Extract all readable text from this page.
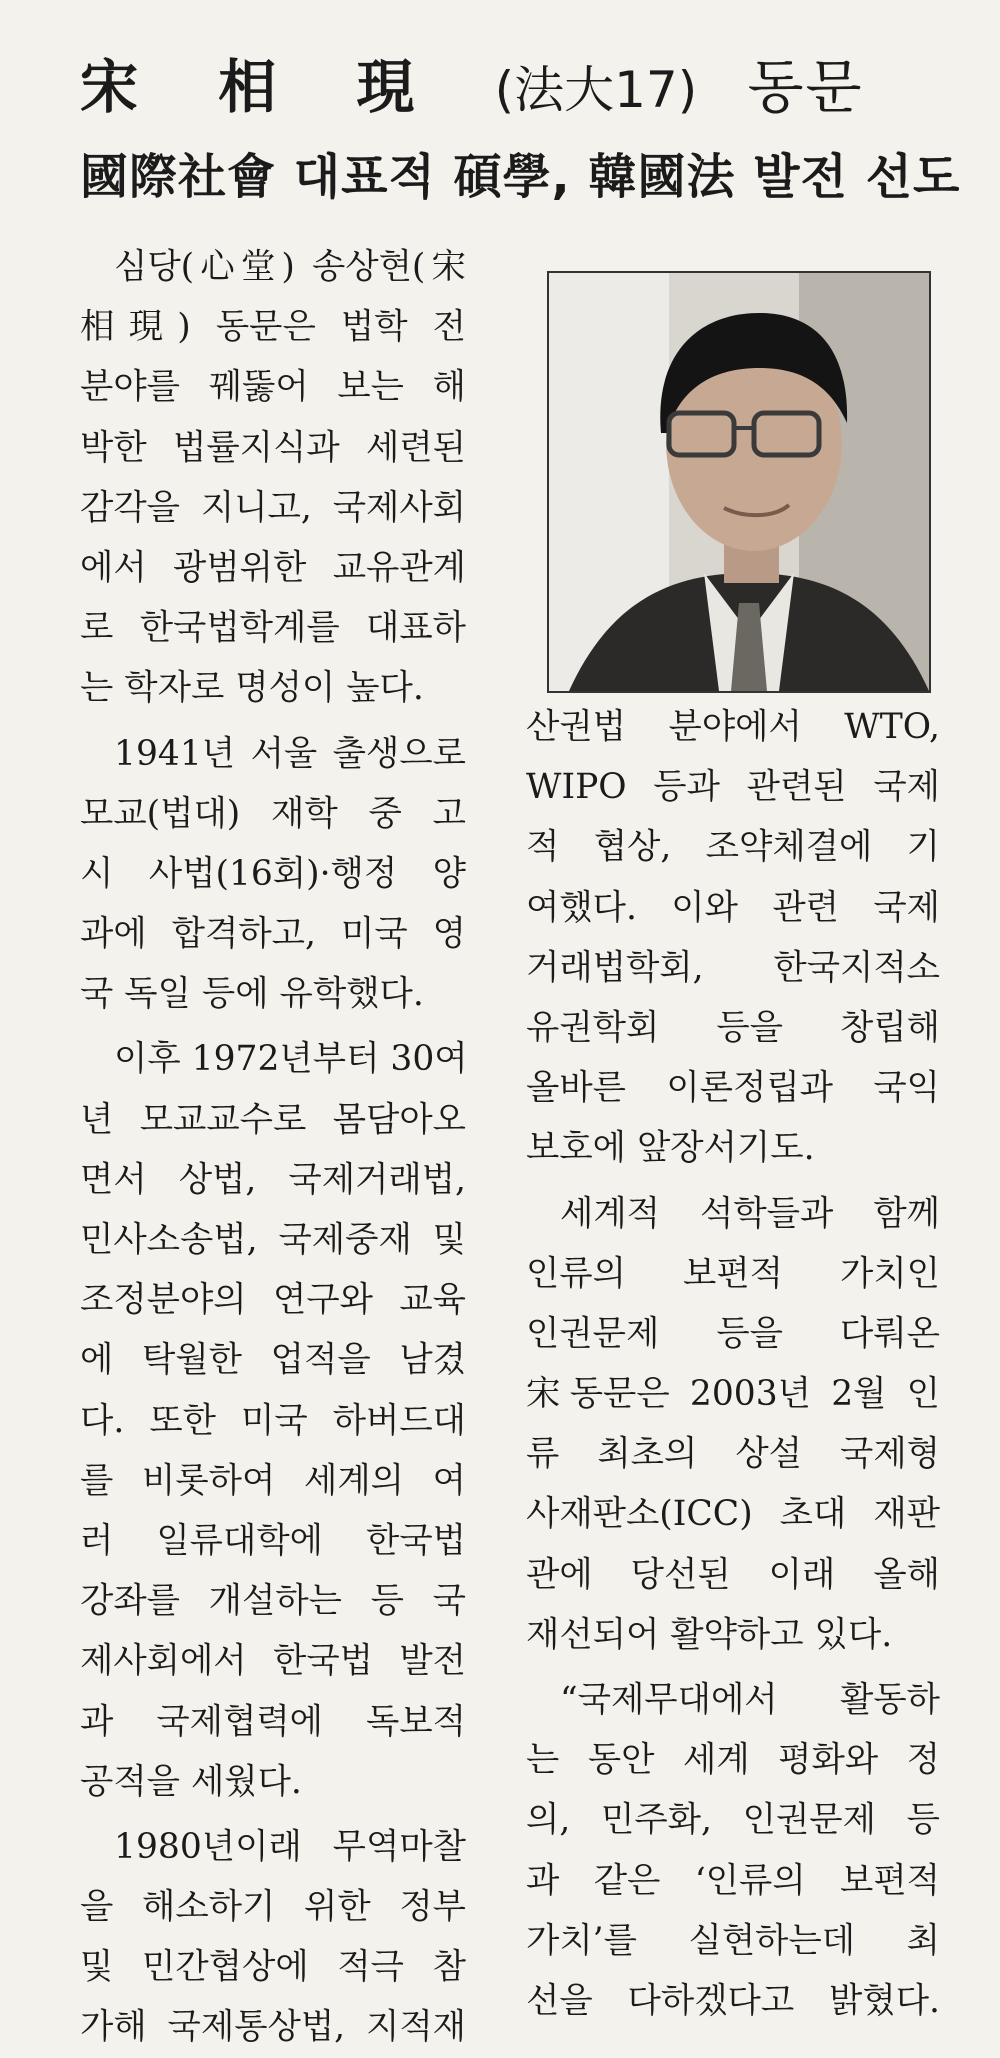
宋 相 現 (法大17) 동문
國際社會 대표적 碩學, 韓國法 발전 선도
심당(心堂) 송상현(宋
相現) 동문은 법학 전
분야를 꿰뚫어 보는 해
박한 법률지식과 세련된
감각을 지니고, 국제사회
에서 광범위한 교유관계
로 한국법학계를 대표하
는 학자로 명성이 높다.
1941년 서울 출생으로
모교(법대) 재학 중 고
시 사법(16회)·행정 양
과에 합격하고, 미국 영
국 독일 등에 유학했다.
이후 1972년부터 30여
년 모교교수로 몸담아오
면서 상법, 국제거래법,
민사소송법, 국제중재 및
조정분야의 연구와 교육
에 탁월한 업적을 남겼
다. 또한 미국 하버드대
를 비롯하여 세계의 여
러 일류대학에 한국법
강좌를 개설하는 등 국
제사회에서 한국법 발전
과 국제협력에 독보적
공적을 세웠다.
1980년이래 무역마찰
을 해소하기 위한 정부
및 민간협상에 적극 참
가해 국제통상법, 지적재
산권법 분야에서 WTO,
WIPO 등과 관련된 국제
적 협상, 조약체결에 기
여했다. 이와 관련 국제
거래법학회, 한국지적소
유권학회 등을 창립해
올바른 이론정립과 국익
보호에 앞장서기도.
세계적 석학들과 함께
인류의 보편적 가치인
인권문제 등을 다뤄온
宋동문은 2003년 2월 인
류 최초의 상설 국제형
사재판소(ICC) 초대 재판
관에 당선된 이래 올해
재선되어 활약하고 있다.
“국제무대에서 활동하
는 동안 세계 평화와 정
의, 민주화, 인권문제 등
과 같은 ‘인류의 보편적
가치’를 실현하는데 최
선을 다하겠다고 밝혔다.
